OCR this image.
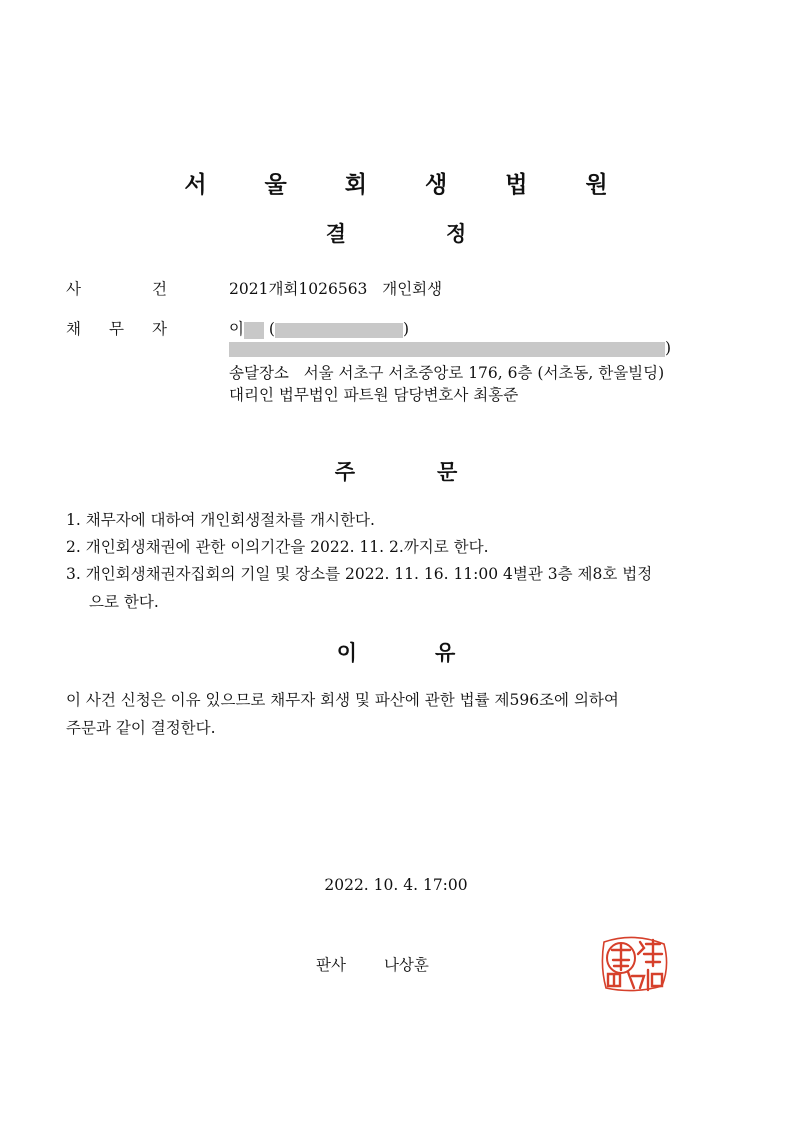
서 울 회 생 법 원
결	정
사	건	2021개회1026563 개인회생
채 무 자	이 (	)
)
송달장소 서울 서초구 서초중앙로 176, 6층 (서초동, 한울빌딩)
대리인 법무법인 파트원 담당변호사 최홍준
주	문
1. 채무자에 대하여 개인회생절차를 개시한다.
2. 개인회생채권에 관한 이의기간을 2022. 11. 2.까지로 한다.
3. 개인회생채권자집회의 기일 및 장소를 2022. 11. 16. 11:00 4별관 3층 제8호 법정
으로 한다.
이	유
이 사건 신청은 이유 있으므로 채무자 회생 및 파산에 관한 법률 제596조에 의하여
주문과 같이 결정한다.
2022. 10. 4. 17:00
판사 나상훈
